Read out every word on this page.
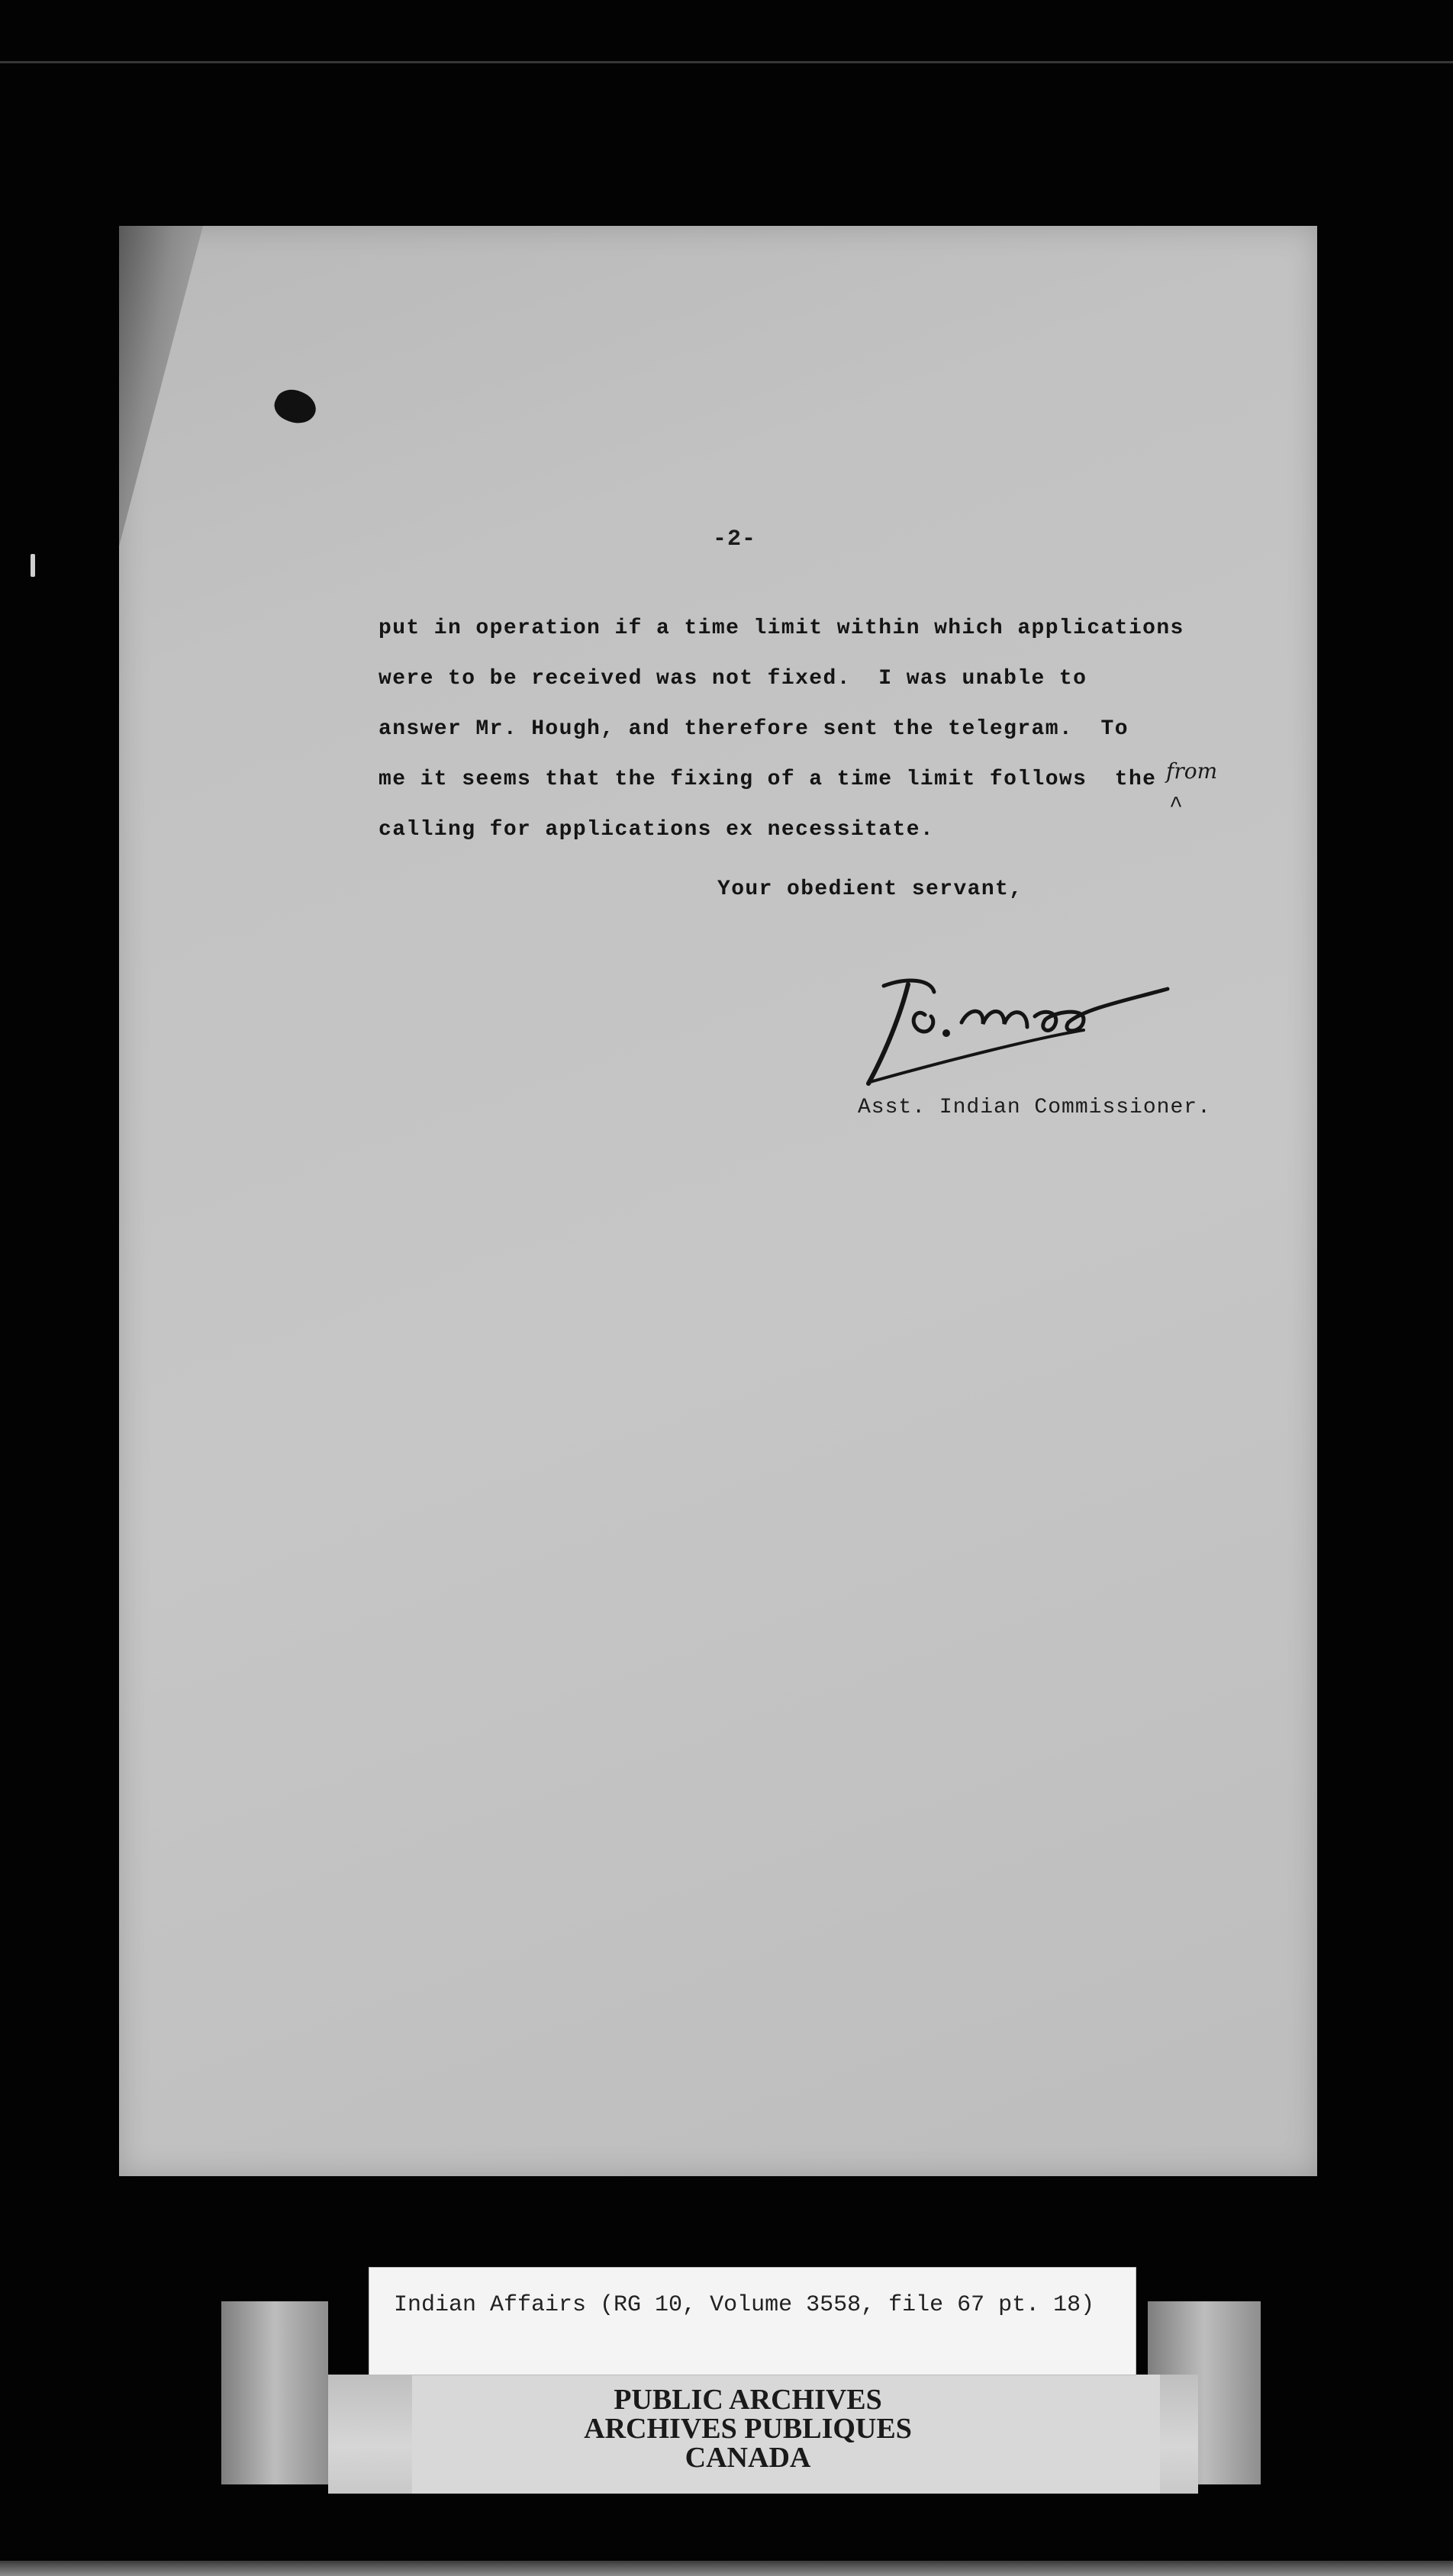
-2-
put in operation if a time limit within which applications
were to be received was not fixed.  I was unable to
answer Mr. Hough, and therefore sent the telegram.  To
me it seems that the fixing of a time limit follows  the
calling for applications ex necessitate.
from
^
Your obedient servant,
Asst. Indian Commissioner.
Indian Affairs (RG 10, Volume 3558, file 67 pt. 18)
PUBLIC ARCHIVES
ARCHIVES PUBLIQUES
CANADA
